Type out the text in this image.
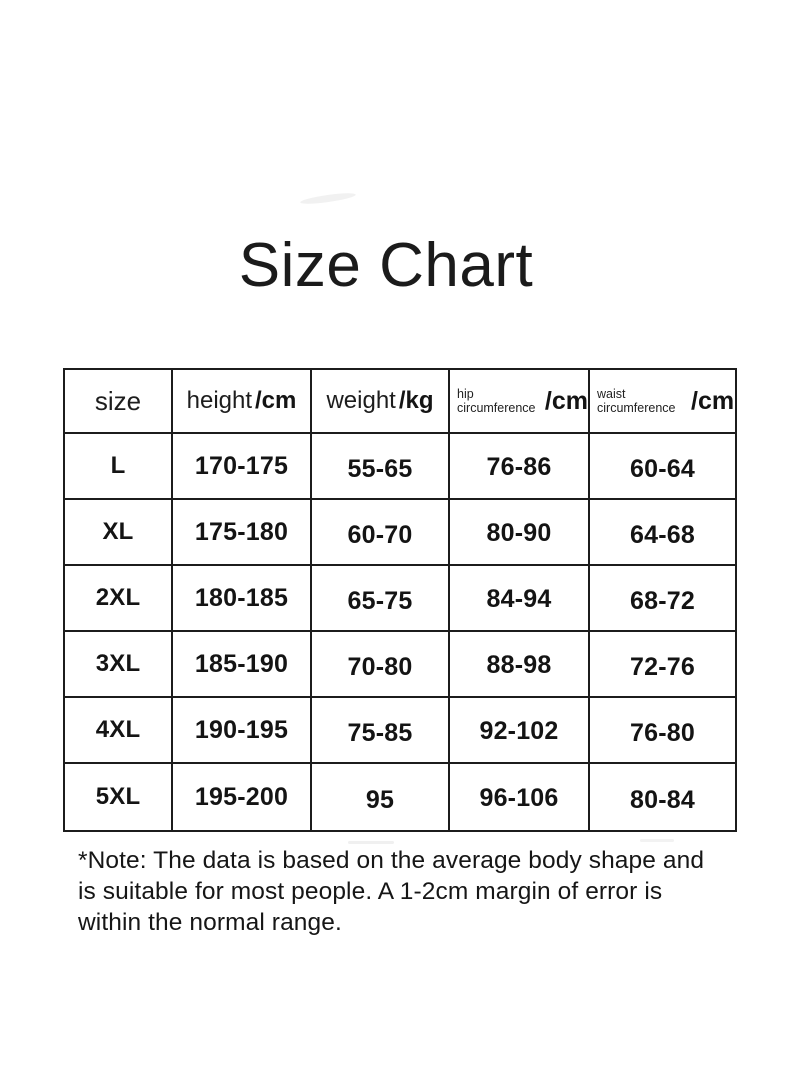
Size Chart
size height /cm weight /kg hip circumference /cm waist circumference /cm
L	170-175 55-65	76-86	60-64
XL 175-180 60-70	80-90	64-68
2XL 180-185 65-75	84-94	68-72
3XL 185-190 70-80	88-98	72-76
4XL 190-195 75-85	92-102	76-80
5XL 195-200	95	96-106	80-84
*Note: The data is based on the average body shape and
is suitable for most people. A 1-2cm margin of error is
within the normal range.
